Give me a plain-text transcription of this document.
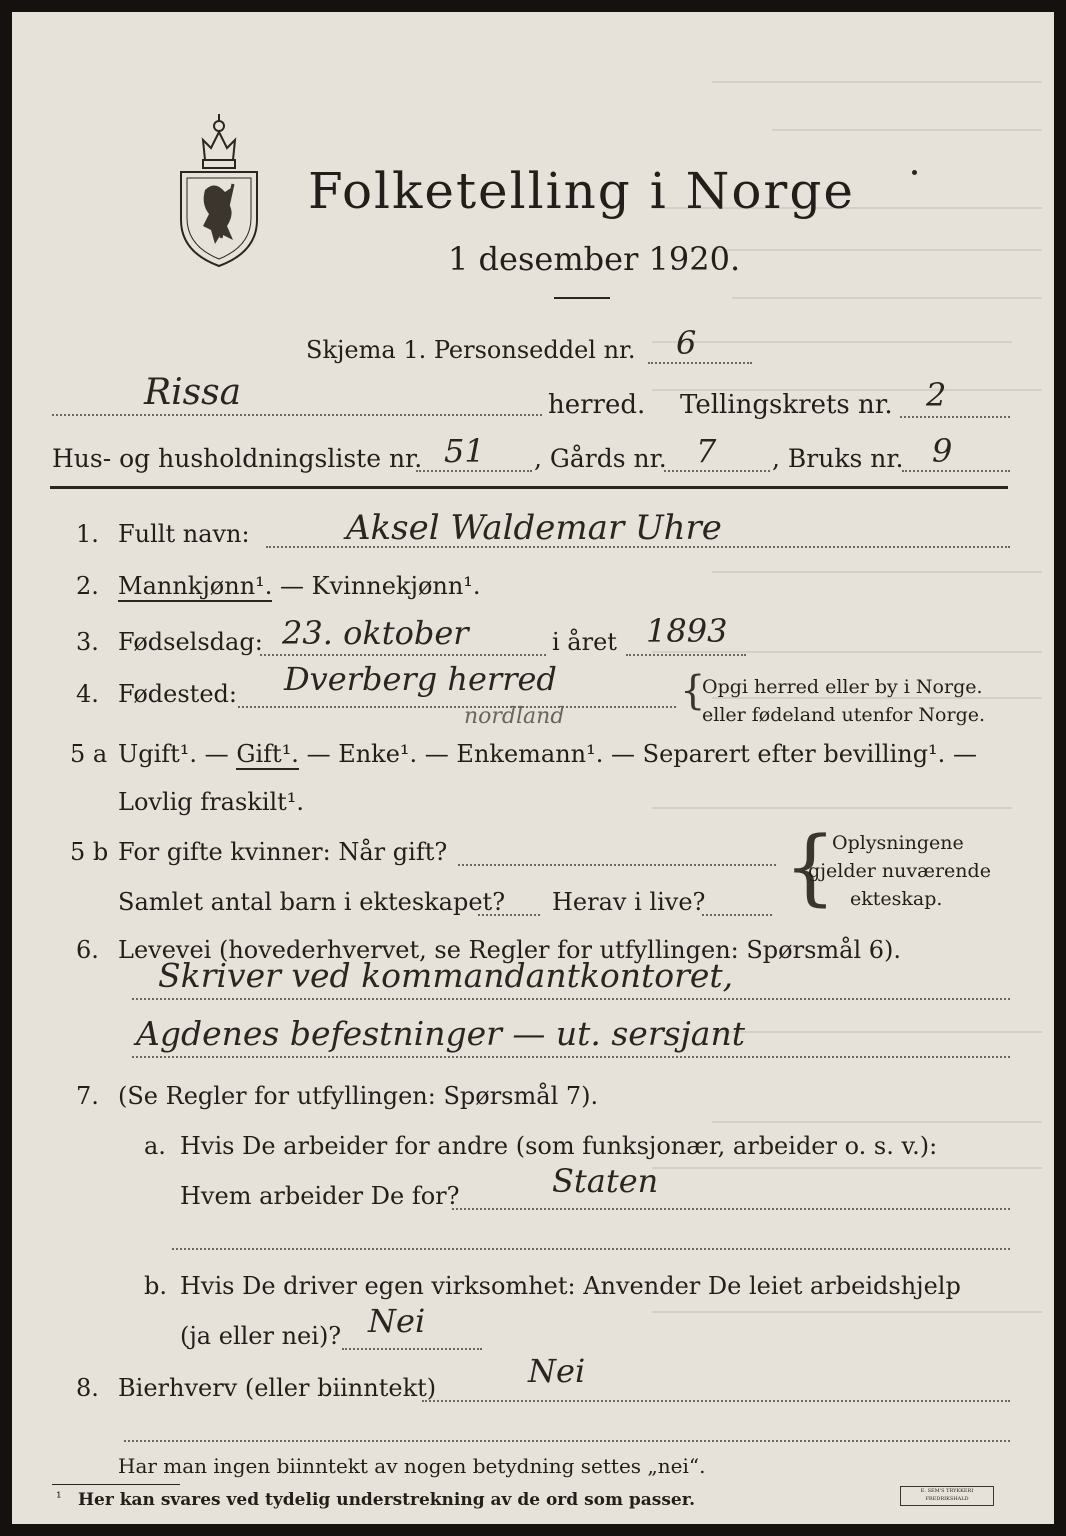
Folketelling i Norge
1 desember 1920.
Skjema 1. Personseddel nr. 6
Rissa	herred. Tellingskrets nr. 2
Hus- og husholdningsliste nr. 51 , Gårds nr. 7 , Bruks nr. 9
1. Fullt navn:	Aksel Waldemar Uhre
2. Mannkjønn¹. — Kvinnekjønn¹.
3. Fødselsdag: 23. oktober	i året 1893
4. Fødested: Dverberg herred
nordland
{
Opgi herred eller by i Norge.
eller fødeland utenfor Norge.
5 a Ugift¹. — Gift¹. — Enke¹. — Enkemann¹. — Separert efter bevilling¹. —
Lovlig fraskilt¹.
5 b For gifte kvinner: Når gift?
Samlet antal barn i ekteskapet? Herav i live? {
Oplysningene
gjelder nuværende
ekteskap.
6. Levevei (hovederhvervet, se Regler for utfyllingen: Spørsmål 6).
Skriver ved kommandantkontoret,
Agdenes befestninger — ut. sersjant
7. (Se Regler for utfyllingen: Spørsmål 7).
a. Hvis De arbeider for andre (som funksjonær, arbeider o. s. v.):
Hvem arbeider De for?	Staten
b. Hvis De driver egen virksomhet: Anvender De leiet arbeidshjelp
(ja eller nei)? Nei
8. Bierhverv (eller biinntekt)	Nei
Har man ingen biinntekt av nogen betydning settes „nei“.
¹ Her kan svares ved tydelig understrekning av de ord som passer.	E. SEM'S TRYKKERI FREDRIKSHALD
